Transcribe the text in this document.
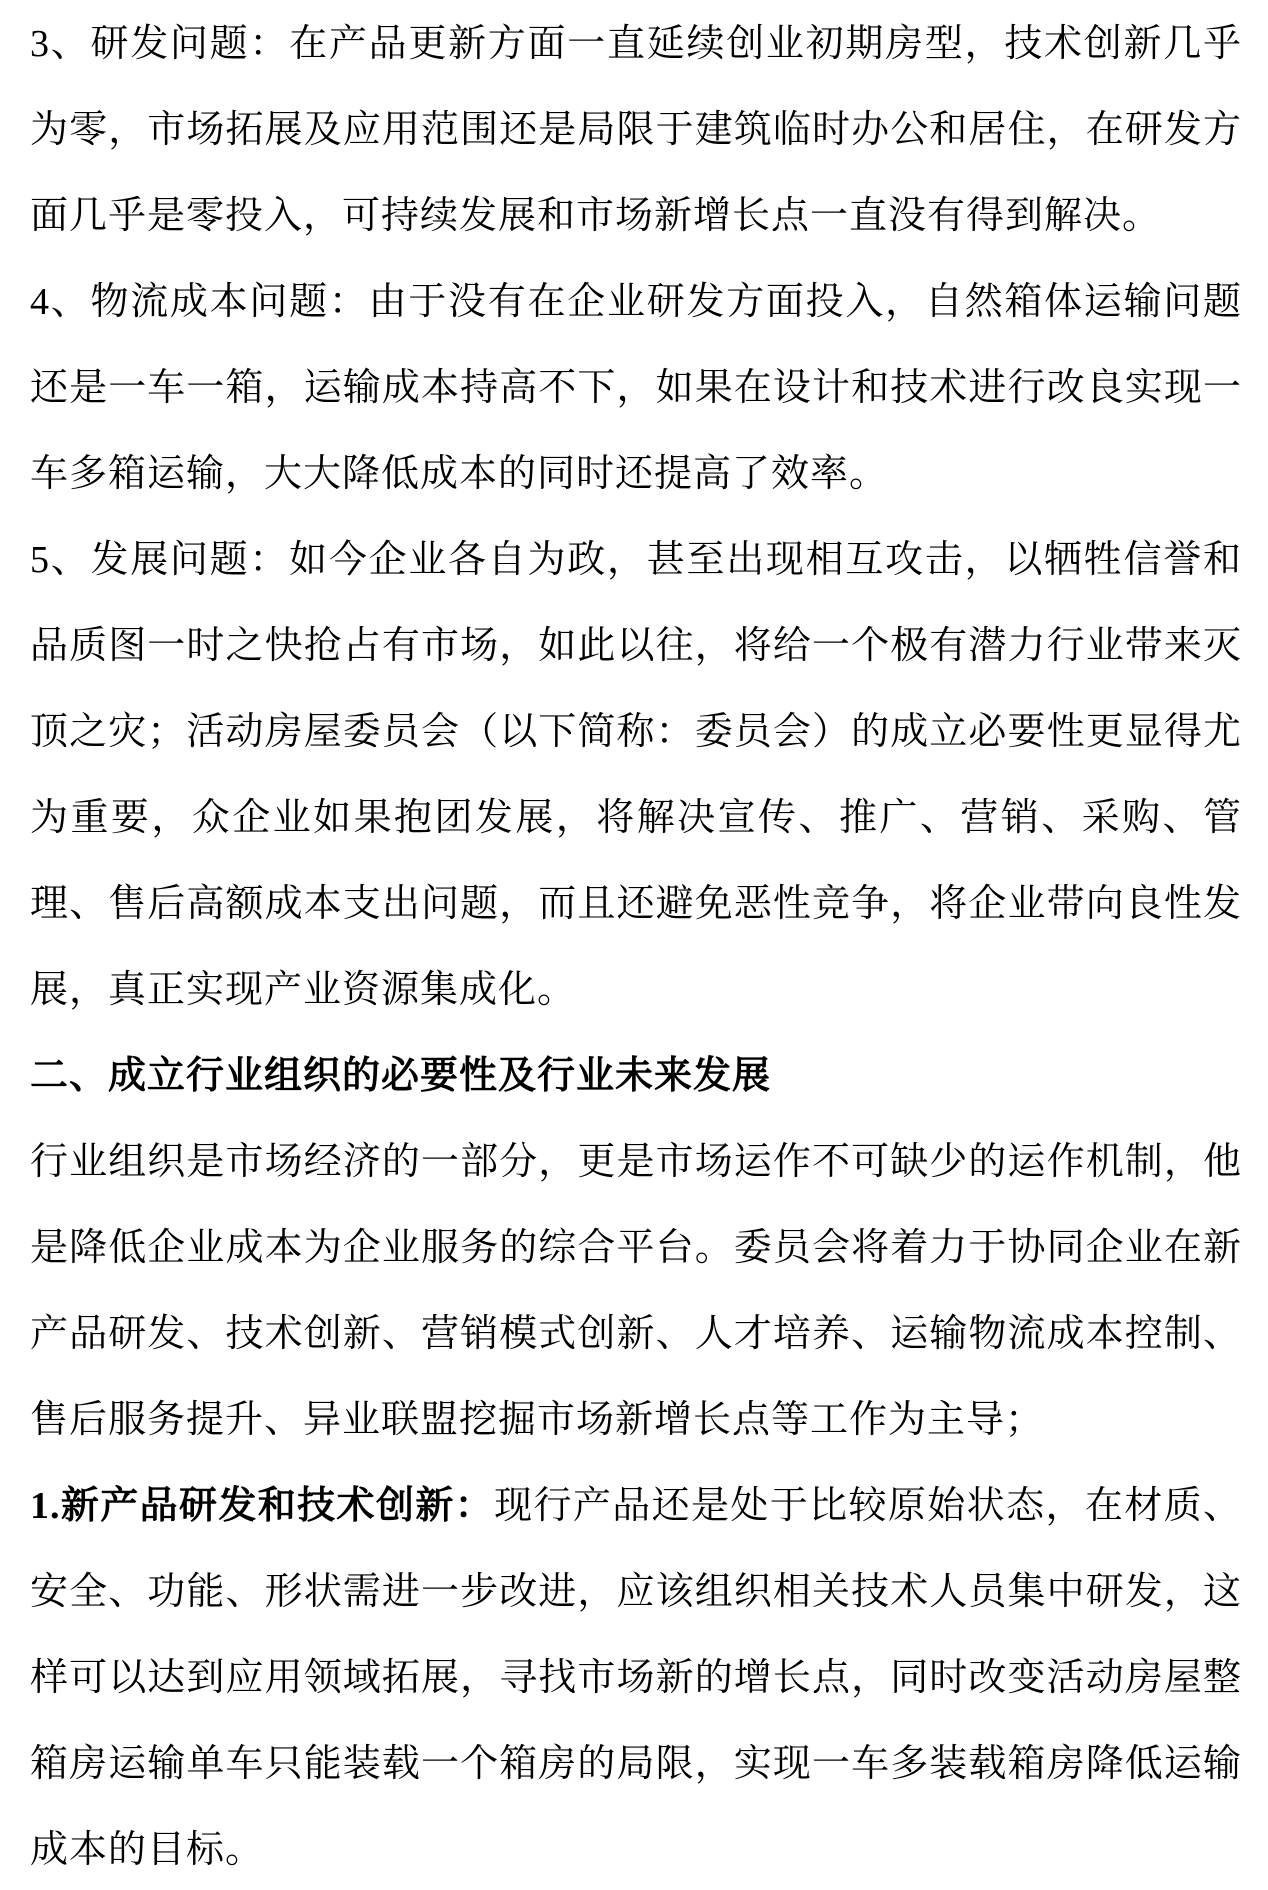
3、研发问题：在产品更新方面一直延续创业初期房型，技术创新几乎为零，市场拓展及应用范围还是局限于建筑临时办公和居住，在研发方面几乎是零投入，可持续发展和市场新增长点一直没有得到解决。

4、物流成本问题：由于没有在企业研发方面投入，自然箱体运输问题还是一车一箱，运输成本持高不下，如果在设计和技术进行改良实现一车多箱运输，大大降低成本的同时还提高了效率。

5、发展问题：如今企业各自为政，甚至出现相互攻击，以牺牲信誉和品质图一时之快抢占有市场，如此以往，将给一个极有潜力行业带来灭顶之灾；活动房屋委员会（以下简称：委员会）的成立必要性更显得尤为重要，众企业如果抱团发展，将解决宣传、推广、营销、采购、管理、售后高额成本支出问题，而且还避免恶性竞争，将企业带向良性发展，真正实现产业资源集成化。

二、成立行业组织的必要性及行业未来发展

行业组织是市场经济的一部分，更是市场运作不可缺少的运作机制，他是降低企业成本为企业服务的综合平台。委员会将着力于协同企业在新产品研发、技术创新、营销模式创新、人才培养、运输物流成本控制、售后服务提升、异业联盟挖掘市场新增长点等工作为主导；

1.新产品研发和技术创新：现行产品还是处于比较原始状态，在材质、安全、功能、形状需进一步改进，应该组织相关技术人员集中研发，这样可以达到应用领域拓展，寻找市场新的增长点，同时改变活动房屋整箱房运输单车只能装载一个箱房的局限，实现一车多装载箱房降低运输成本的目标。
